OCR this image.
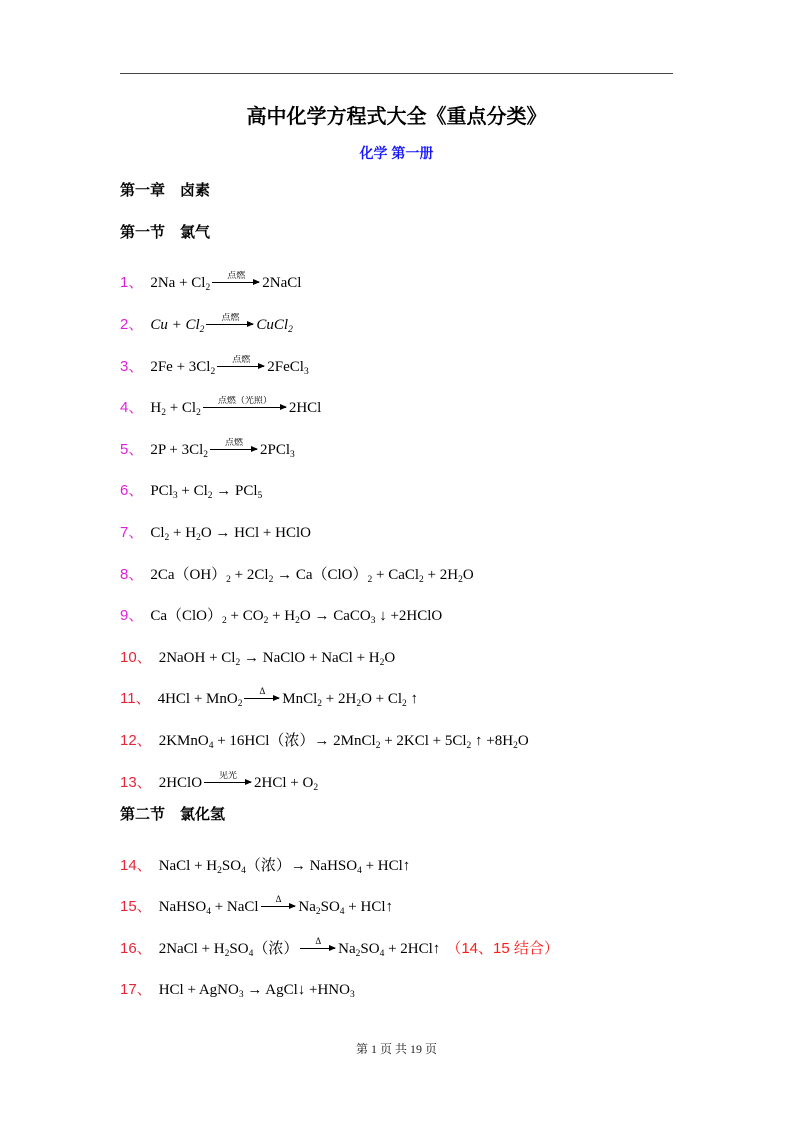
高中化学方程式大全《重点分类》
化学 第一册
第一章　卤素
第一节　氯气
1、 $2Na + Cl_2$
点燃	2NaCl
2、 $Cu + Cl_2$
点燃	CuCl$_2$
3、 $2Fe + 3Cl_2$
点燃	2FeCl$_3$
4、 $H_2 + Cl_2$
点燃（光照）	2HCl
5、 $2P + 3Cl_2$
点燃	2PCl$_3$
6、 $PCl_3 + Cl_2 \to PCl_5$
7、 $Cl_2 + H_2O$ → HCl + HClO
8、 $2Ca(OH)_2 + 2Cl_2 \to Ca(ClO)_2$ + CaCl$_2$ + $2H_2O$
9、 $Ca(ClO)_2 + CO_2 + H_2O$ → CaCO$_3$ ↓ +2HClO
10、 2NaOH + $Cl_2$ → NaClO + NaCl + $H_2O$
11、 4HCl + MnO$_2$
Δ	MnCl$_2$ + $2H_2O + Cl_2$ ↑
12、 2KMnO$_4$ + 16HCl（浓）→ 2MnCl$_2$ + $2KCl + 5Cl_2$ ↑ $+8H_2O$
13、 2HClO	见光	$2HCl + O_2$
第二节　氯化氢
14、 NaCl + $H_2SO_4$（浓）→ NaHSO$_4$ + HCl↑
15、 NaHSO$_4$ + NaCl	Δ	$Na_2SO_4$ + HCl↑
16、 2NaCl + $H_2SO_4$（浓）	Δ	$Na_2SO_4$ + 2HCl↑ （14、15 结合）
17、 HCl + AgNO$_3$ → AgCl↓ $+HNO_3$
第 1 页 共 19 页
